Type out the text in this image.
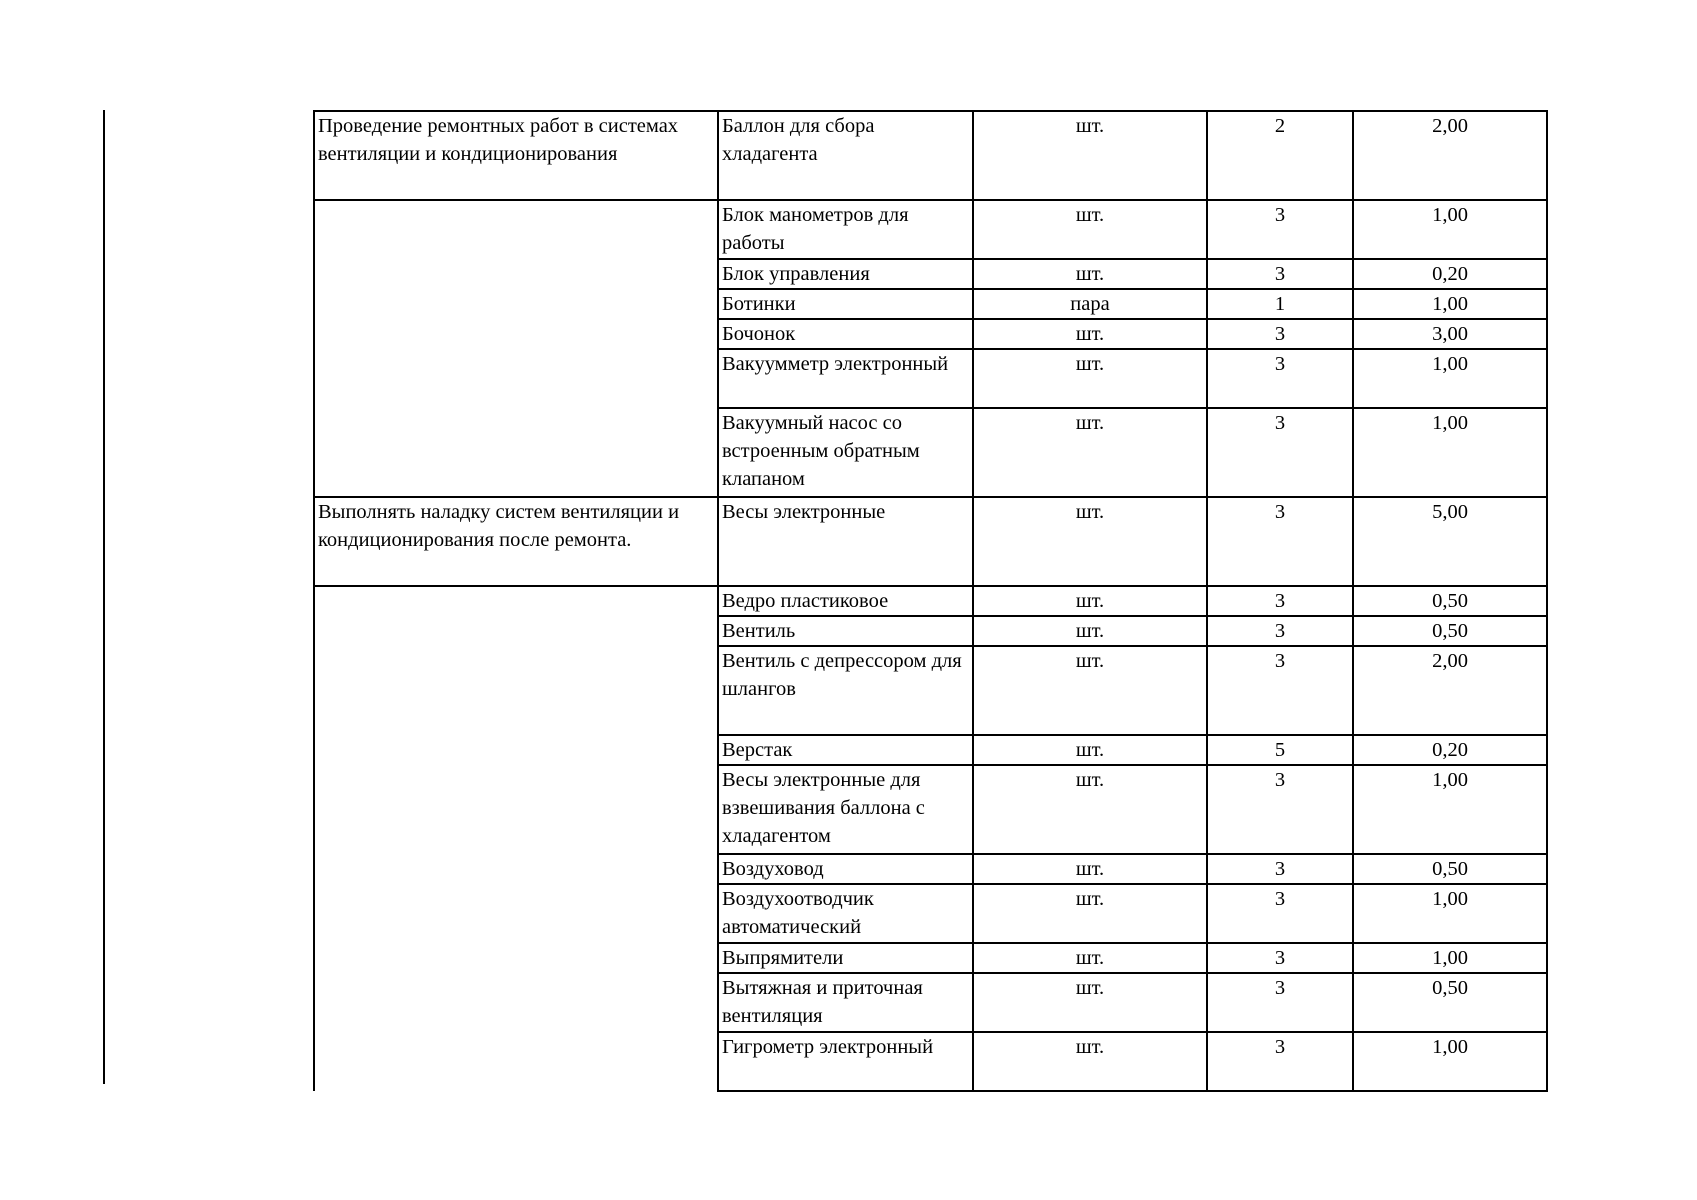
Проведение ремонтных работ в системах вентиляции и кондиционирования	Баллон для сбора хладагента	шт.	2	2,00
	Блок манометров для работы	шт.	3	1,00
	Блок управления	шт.	3	0,20
	Ботинки	пара	1	1,00
	Бочонок	шт.	3	3,00
	Вакуумметр электронный	шт.	3	1,00
	Вакуумный насос со встроенным обратным клапаном	шт.	3	1,00
Выполнять наладку систем вентиляции и кондиционирования после ремонта.	Весы электронные	шт.	3	5,00
	Ведро пластиковое	шт.	3	0,50
	Вентиль	шт.	3	0,50
	Вентиль с депрессором для шлангов	шт.	3	2,00
	Верстак	шт.	5	0,20
	Весы электронные для взвешивания баллона с хладагентом	шт.	3	1,00
	Воздуховод	шт.	3	0,50
	Воздухоотводчик автоматический	шт.	3	1,00
	Выпрямители	шт.	3	1,00
	Вытяжная и приточная вентиляция	шт.	3	0,50
	Гигрометр электронный	шт.	3	1,00
